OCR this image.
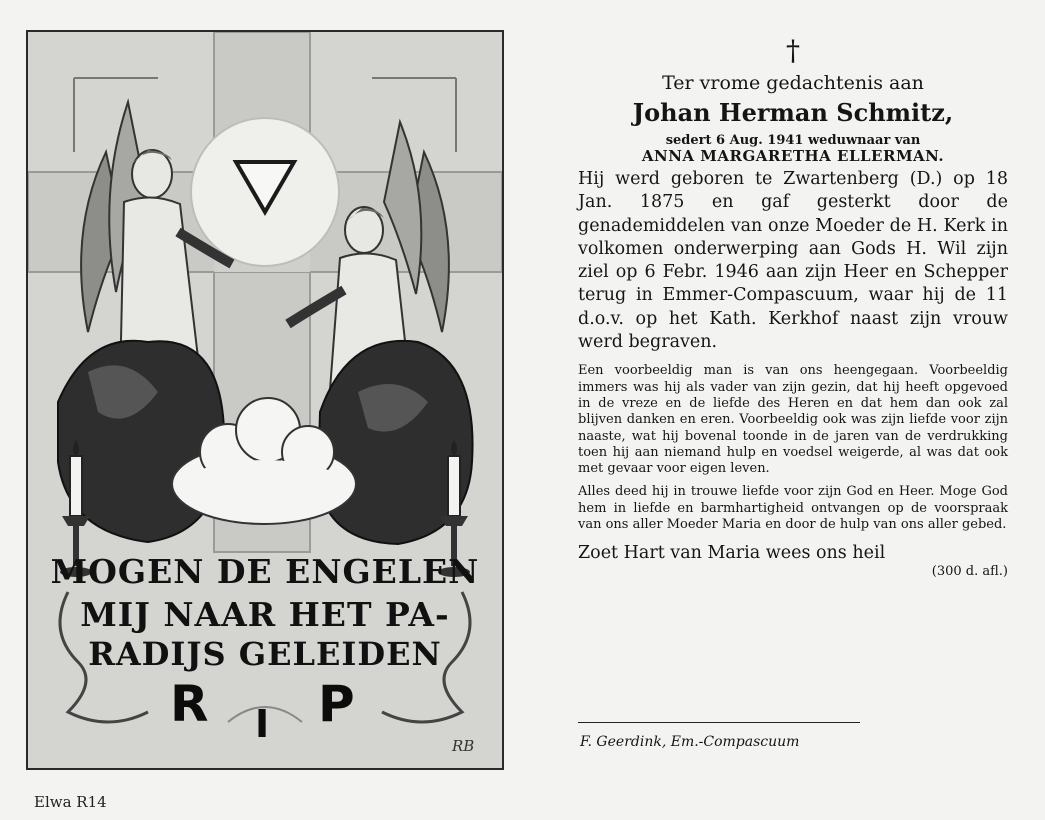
MOGEN DE ENGELEN
MIJ NAAR HET PA-
RADIJS GELEIDEN
R I P
RB
Elwa R14
†
Ter vrome gedachtenis aan
Johan Herman Schmitz,
sedert 6 Aug. 1941 weduwnaar van
ANNA MARGARETHA ELLERMAN.
Hij werd geboren te Zwartenberg (D.) op 18 Jan. 1875 en gaf gesterkt door de genademiddelen van onze Moeder de H. Kerk in volkomen onderwerping aan Gods H. Wil zijn ziel op 6 Febr. 1946 aan zijn Heer en Schepper terug in Emmer-Compascuum, waar hij de 11 d.o.v. op het Kath. Kerkhof naast zijn vrouw werd begraven.
Een voorbeeldig man is van ons heengegaan. Voorbeeldig immers was hij als vader van zijn gezin, dat hij heeft opgevoed in de vreze en de liefde des Heren en dat hem dan ook zal blijven danken en eren. Voorbeeldig ook was zijn liefde voor zijn naaste, wat hij bovenal toonde in de jaren van de verdrukking toen hij aan niemand hulp en voedsel weigerde, al was dat ook met gevaar voor eigen leven.
Alles deed hij in trouwe liefde voor zijn God en Heer. Moge God hem in liefde en barmhartigheid ontvangen op de voorspraak van ons aller Moeder Maria en door de hulp van ons aller gebed.
Zoet Hart van Maria wees ons heil
(300 d. afl.)
F. Geerdink, Em.-Compascuum
